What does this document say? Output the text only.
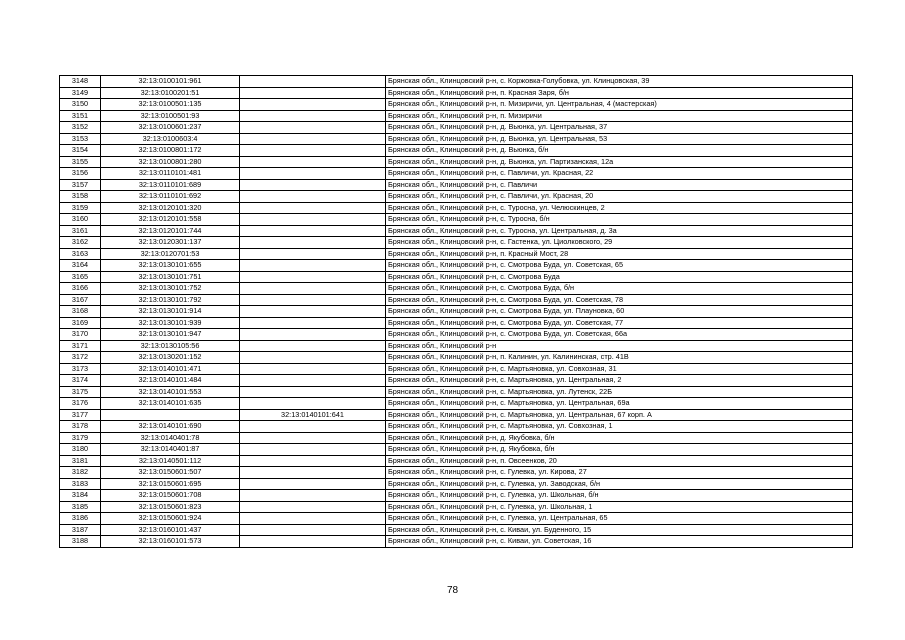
3148	32:13:0100101:961		Брянская обл., Клинцовский р-н, с. Коржовка-Голубовка, ул. Клинцовская, 39
3149	32:13:0100201:51		Брянская обл., Клинцовский р-н, п. Красная Заря, б/н
3150	32:13:0100501:135		Брянская обл., Клинцовский р-н, п. Мизиричи, ул. Центральная, 4 (мастерская)
3151	32:13:0100501:93		Брянская обл., Клинцовский р-н, п. Мизиричи
3152	32:13:0100601:237		Брянская обл., Клинцовский р-н, д. Вьюнка, ул. Центральная, 37
3153	32:13:0100603:4		Брянская обл., Клинцовский р-н, д. Вьюнка, ул. Центральная, 53
3154	32:13:0100801:172		Брянская обл., Клинцовский р-н, д. Вьюнка, б/н
3155	32:13:0100801:280		Брянская обл., Клинцовский р-н, д. Вьюнка, ул. Партизанская, 12а
3156	32:13:0110101:481		Брянская обл., Клинцовский р-н, с. Павличи, ул. Красная, 22
3157	32:13:0110101:689		Брянская обл., Клинцовский р-н, с. Павличи
3158	32:13:0110101:692		Брянская обл., Клинцовский р-н, с. Павличи, ул. Красная, 20
3159	32:13:0120101:320		Брянская обл., Клинцовский р-н, с. Туросна, ул. Челюскинцев, 2
3160	32:13:0120101:558		Брянская обл., Клинцовский р-н, с. Туросна, б/н
3161	32:13:0120101:744		Брянская обл., Клинцовский р-н, с. Туросна, ул. Центральная, д. 3а
3162	32:13:0120301:137		Брянская обл., Клинцовский р-н, с. Гастенка, ул. Циолковского, 29
3163	32:13:0120701:53		Брянская обл., Клинцовский р-н, п. Красный Мост, 28
3164	32:13:0130101:655		Брянская обл., Клинцовский р-н, с. Смотрова Буда, ул. Советская, 65
3165	32:13:0130101:751		Брянская обл., Клинцовский р-н, с. Смотрова Буда
3166	32:13:0130101:752		Брянская обл., Клинцовский р-н, с. Смотрова Буда, б/н
3167	32:13:0130101:792		Брянская обл., Клинцовский р-н, с. Смотрова Буда, ул. Советская, 78
3168	32:13:0130101:914		Брянская обл., Клинцовский р-н, с. Смотрова Буда, ул. Плауновка, 60
3169	32:13:0130101:939		Брянская обл., Клинцовский р-н, с. Смотрова Буда, ул. Советская, 77
3170	32:13:0130101:947		Брянская обл., Клинцовский р-н, с. Смотрова Буда, ул. Советская, 66а
3171	32:13:0130105:56		Брянская обл., Клинцовский р-н
3172	32:13:0130201:152		Брянская обл., Клинцовский р-н, п. Калинин, ул. Калининская, стр. 41В
3173	32:13:0140101:471		Брянская обл., Клинцовский р-н, с. Мартьяновка, ул. Совхозная, 31
3174	32:13:0140101:484		Брянская обл., Клинцовский р-н, с. Мартьяновка, ул. Центральная, 2
3175	32:13:0140101:553		Брянская обл., Клинцовский р-н, с. Мартьяновка, ул. Лутенск, 22Б
3176	32:13:0140101:635		Брянская обл., Клинцовский р-н, с. Мартьяновка, ул. Центральная, 69а
3177		32:13:0140101:641	Брянская обл., Клинцовский р-н, с. Мартьяновка, ул. Центральная, 67 корп. А
3178	32:13:0140101:690		Брянская обл., Клинцовский р-н, с. Мартьяновка, ул. Совхозная, 1
3179	32:13:0140401:78		Брянская обл., Клинцовский р-н, д. Якубовка, б/н
3180	32:13:0140401:87		Брянская обл., Клинцовский р-н, д. Якубовка, б/н
3181	32:13:0140501:112		Брянская обл., Клинцовский р-н, п. Овсеенков, 20
3182	32:13:0150601:507		Брянская обл., Клинцовский р-н, с. Гулевка, ул. Кирова, 27
3183	32:13:0150601:695		Брянская обл., Клинцовский р-н, с. Гулевка, ул. Заводская, б/н
3184	32:13:0150601:708		Брянская обл., Клинцовский р-н, с. Гулевка, ул. Школьная, б/н
3185	32:13:0150601:823		Брянская обл., Клинцовский р-н, с. Гулевка, ул. Школьная, 1
3186	32:13:0150601:924		Брянская обл., Клинцовский р-н, с. Гулевка, ул. Центральная, 65
3187	32:13:0160101:437		Брянская обл., Клинцовский р-н, с. Киваи, ул. Буденного, 15
3188	32:13:0160101:573		Брянская обл., Клинцовский р-н, с. Киваи, ул. Советская, 16
78
